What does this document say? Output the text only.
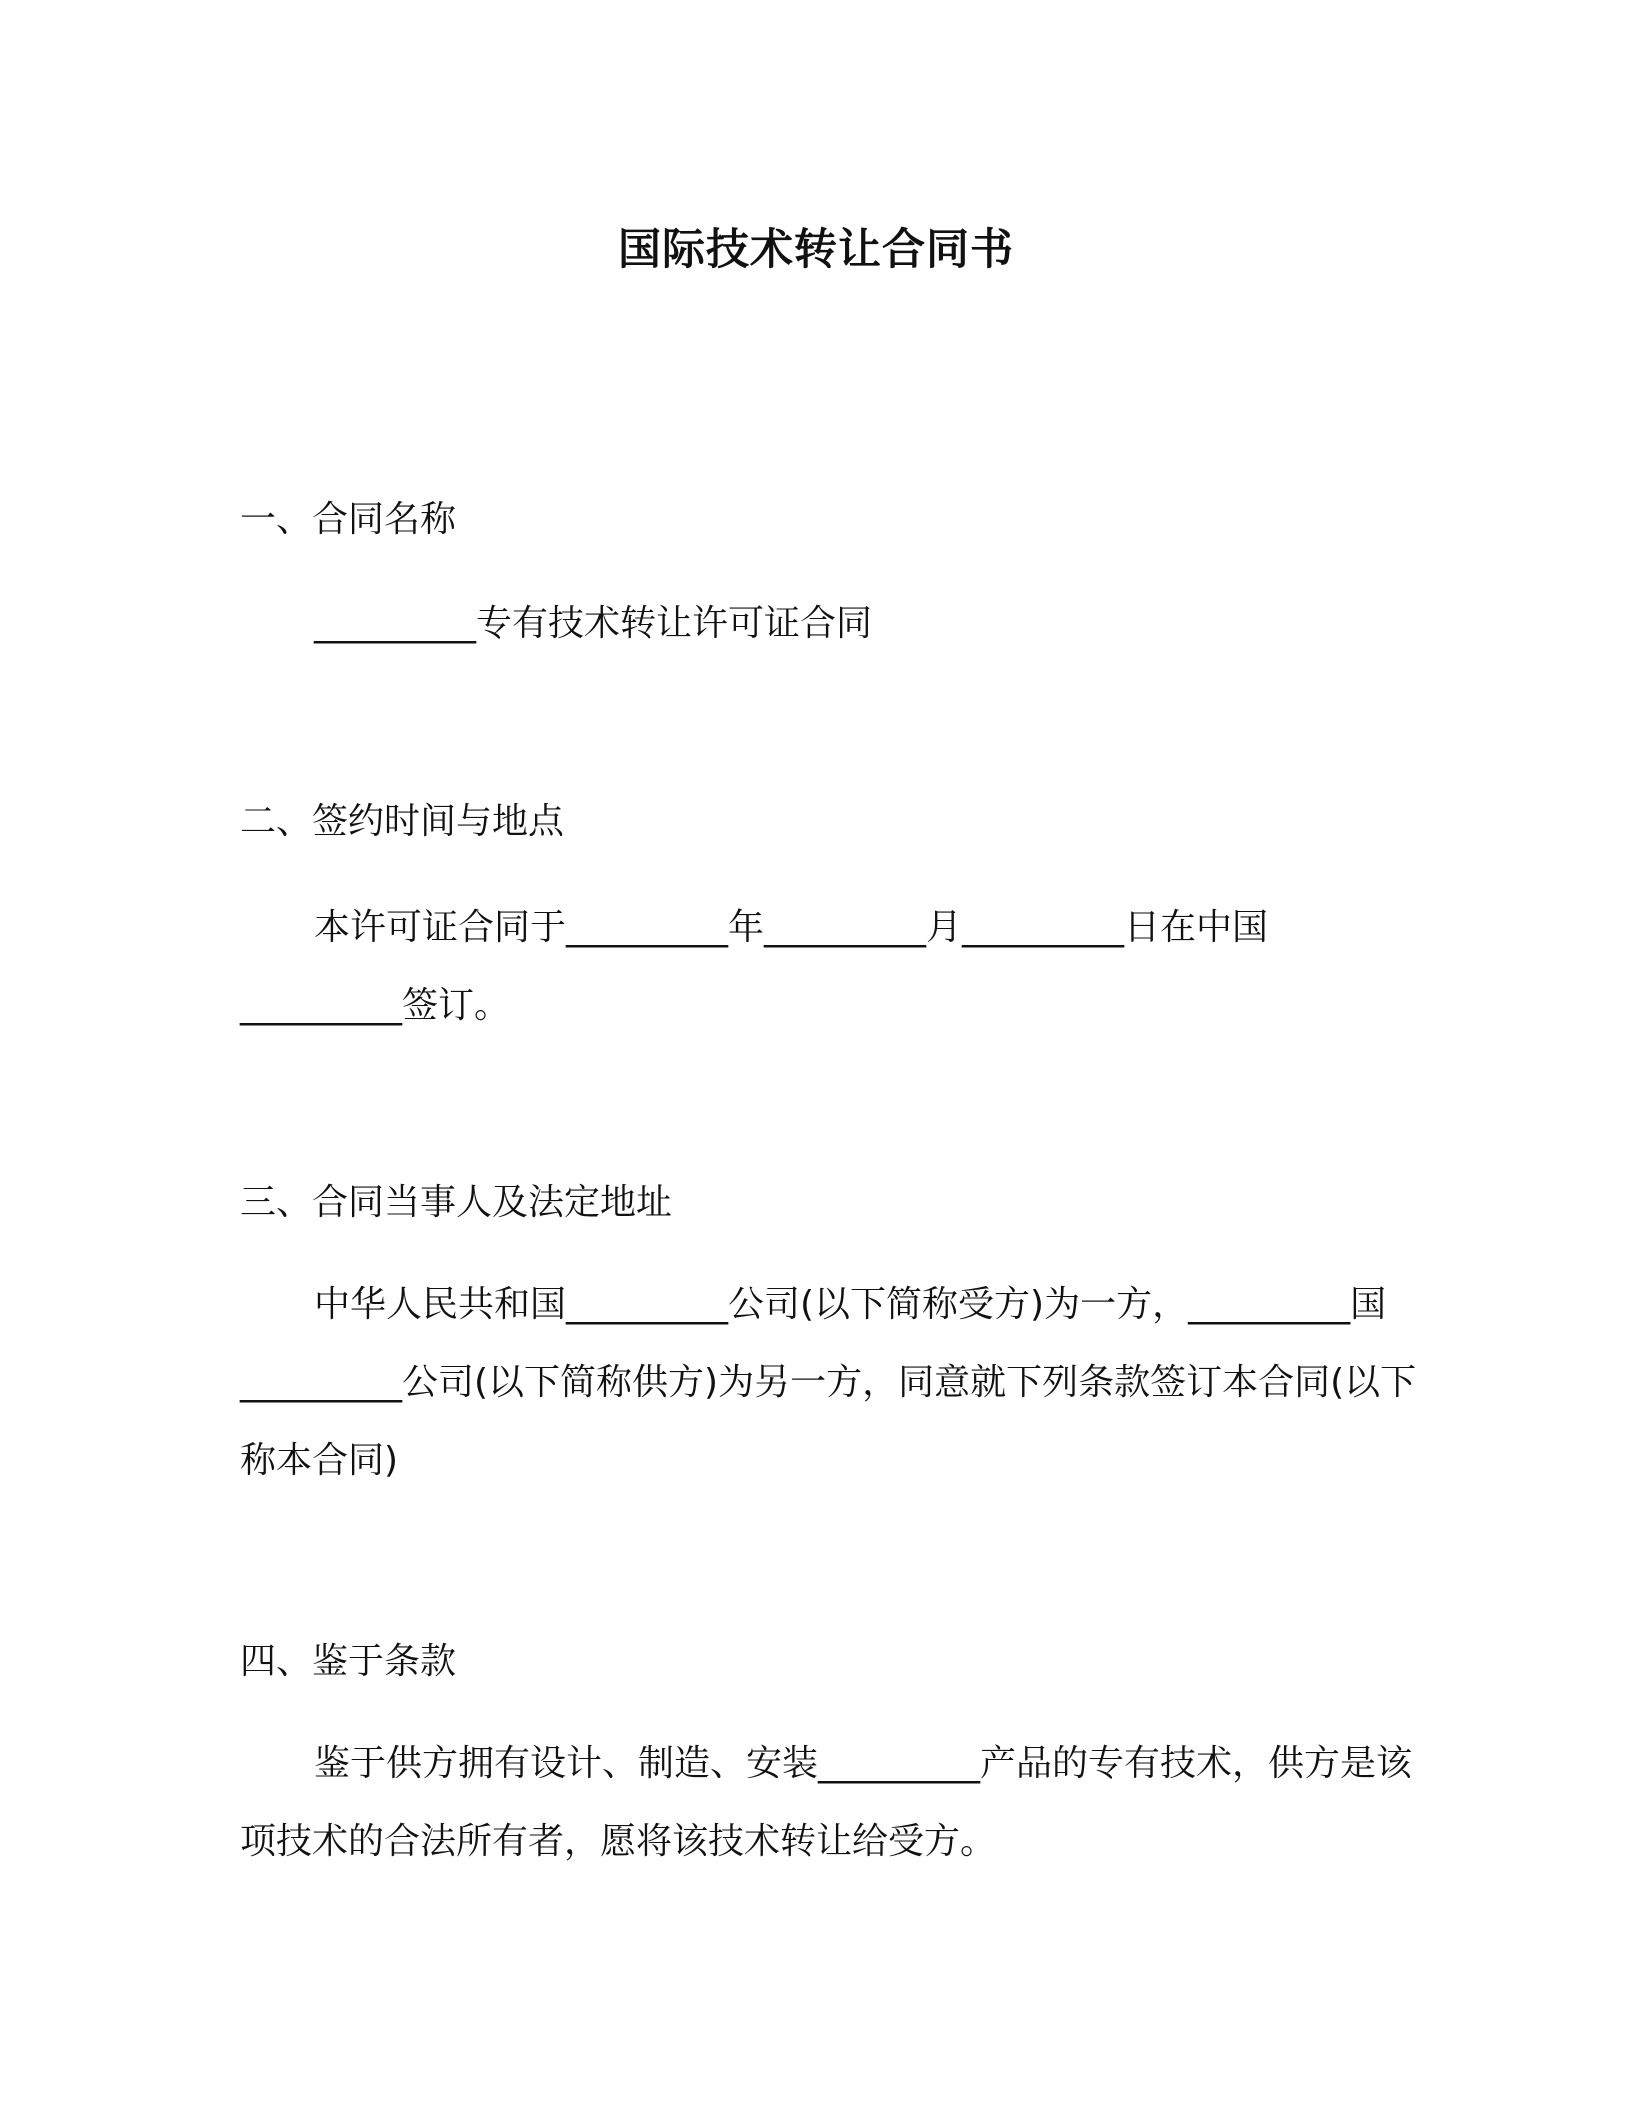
国际技术转让合同书
一、合同名称
_________专有技术转让许可证合同
二、签约时间与地点
本许可证合同于_________年_________月_________日在中国_________签订。
三、合同当事人及法定地址
中华人民共和国_________公司(以下简称受方)为一方，_________国_________公司(以下简称供方)为另一方，同意就下列条款签订本合同(以下称本合同)
四、鉴于条款
鉴于供方拥有设计、制造、安装_________产品的专有技术，供方是该项技术的合法所有者，愿将该技术转让给受方。
